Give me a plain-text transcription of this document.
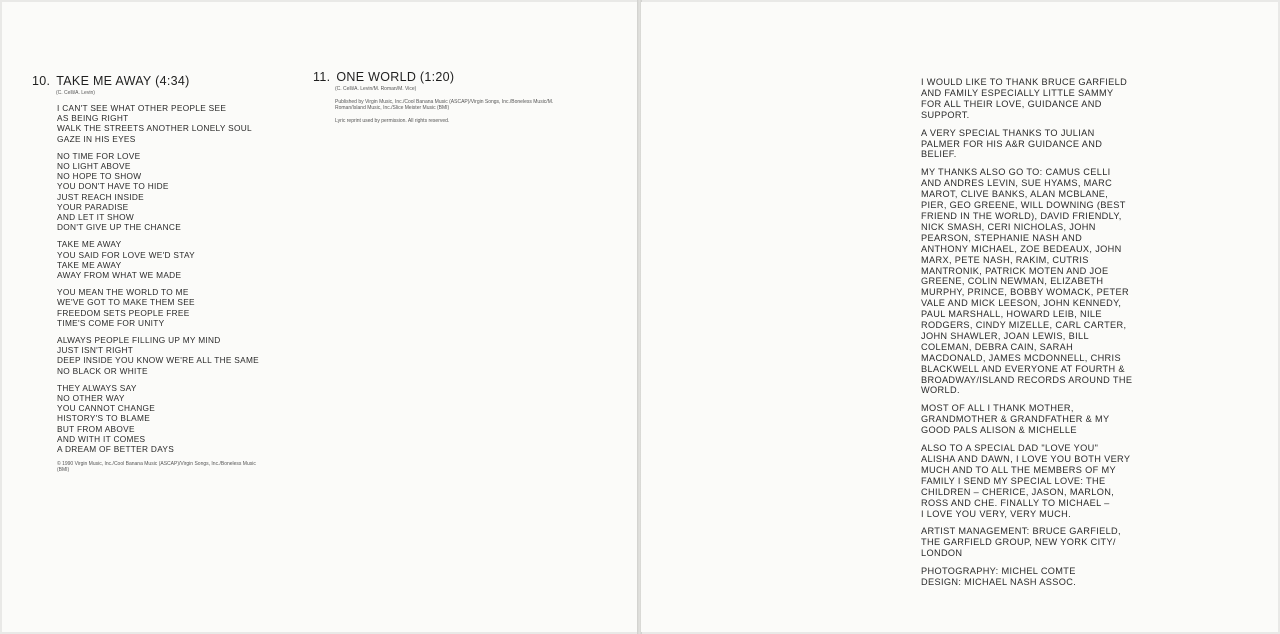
10. TAKE ME AWAY (4:34)

(C. Celli/A. Levin)
I CAN'T SEE WHAT OTHER PEOPLE SEE
AS BEING RIGHT
WALK THE STREETS ANOTHER LONELY SOUL
GAZE IN HIS EYES
NO TIME FOR LOVE
NO LIGHT ABOVE
NO HOPE TO SHOW
YOU DON'T HAVE TO HIDE
JUST REACH INSIDE
YOUR PARADISE
AND LET IT SHOW
DON'T GIVE UP THE CHANCE
TAKE ME AWAY
YOU SAID FOR LOVE WE'D STAY
TAKE ME AWAY
AWAY FROM WHAT WE MADE
YOU MEAN THE WORLD TO ME
WE'VE GOT TO MAKE THEM SEE
FREEDOM SETS PEOPLE FREE
TIME'S COME FOR UNITY
ALWAYS PEOPLE FILLING UP MY MIND
JUST ISN'T RIGHT
DEEP INSIDE YOU KNOW WE'RE ALL THE SAME
NO BLACK OR WHITE
THEY ALWAYS SAY
NO OTHER WAY
YOU CANNOT CHANGE
HISTORY'S TO BLAME
BUT FROM ABOVE
AND WITH IT COMES
A DREAM OF BETTER DAYS
© 1990 Virgin Music, Inc./Cool Banana Music (ASCAP)/Virgin Songs, Inc./Boneless Music (BMI)

11. ONE WORLD (1:20)

(C. Celli/A. Levin/M. Roman/M. Vice)
Published by Virgin Music, Inc./Cool Banana Music (ASCAP)/Virgin Songs, Inc./Boneless Music/M. Roman/Island Music, Inc./Slice Meister Music (BMI)
Lyric reprint used by permission. All rights reserved.
I WOULD LIKE TO THANK BRUCE GARFIELD
AND FAMILY ESPECIALLY LITTLE SAMMY
FOR ALL THEIR LOVE, GUIDANCE AND
SUPPORT.
A VERY SPECIAL THANKS TO JULIAN
PALMER FOR HIS A&R GUIDANCE AND
BELIEF.
MY THANKS ALSO GO TO: CAMUS CELLI
AND ANDRES LEVIN, SUE HYAMS, MARC
MAROT, CLIVE BANKS, ALAN MCBLANE,
PIER, GEO GREENE, WILL DOWNING (BEST
FRIEND IN THE WORLD), DAVID FRIENDLY,
NICK SMASH, CERI NICHOLAS, JOHN
PEARSON, STEPHANIE NASH AND
ANTHONY MICHAEL, ZOE BEDEAUX, JOHN
MARX, PETE NASH, RAKIM, CUTRIS
MANTRONIK, PATRICK MOTEN AND JOE
GREENE, COLIN NEWMAN, ELIZABETH
MURPHY, PRINCE, BOBBY WOMACK, PETER
VALE AND MICK LEESON, JOHN KENNEDY,
PAUL MARSHALL, HOWARD LEIB, NILE
RODGERS, CINDY MIZELLE, CARL CARTER,
JOHN SHAWLER, JOAN LEWIS, BILL
COLEMAN, DEBRA CAIN, SARAH
MACDONALD, JAMES MCDONNELL, CHRIS
BLACKWELL AND EVERYONE AT FOURTH &
BROADWAY/ISLAND RECORDS AROUND THE
WORLD.
MOST OF ALL I THANK MOTHER,
GRANDMOTHER & GRANDFATHER & MY
GOOD PALS ALISON & MICHELLE
ALSO TO A SPECIAL DAD "LOVE YOU"
ALISHA AND DAWN, I LOVE YOU BOTH VERY
MUCH AND TO ALL THE MEMBERS OF MY
FAMILY I SEND MY SPECIAL LOVE: THE
CHILDREN – CHERICE, JASON, MARLON,
ROSS AND CHE. FINALLY TO MICHAEL –
I LOVE YOU VERY, VERY MUCH.
ARTIST MANAGEMENT: BRUCE GARFIELD,
THE GARFIELD GROUP, NEW YORK CITY/
LONDON
PHOTOGRAPHY: MICHEL COMTE
DESIGN: MICHAEL NASH ASSOC.
